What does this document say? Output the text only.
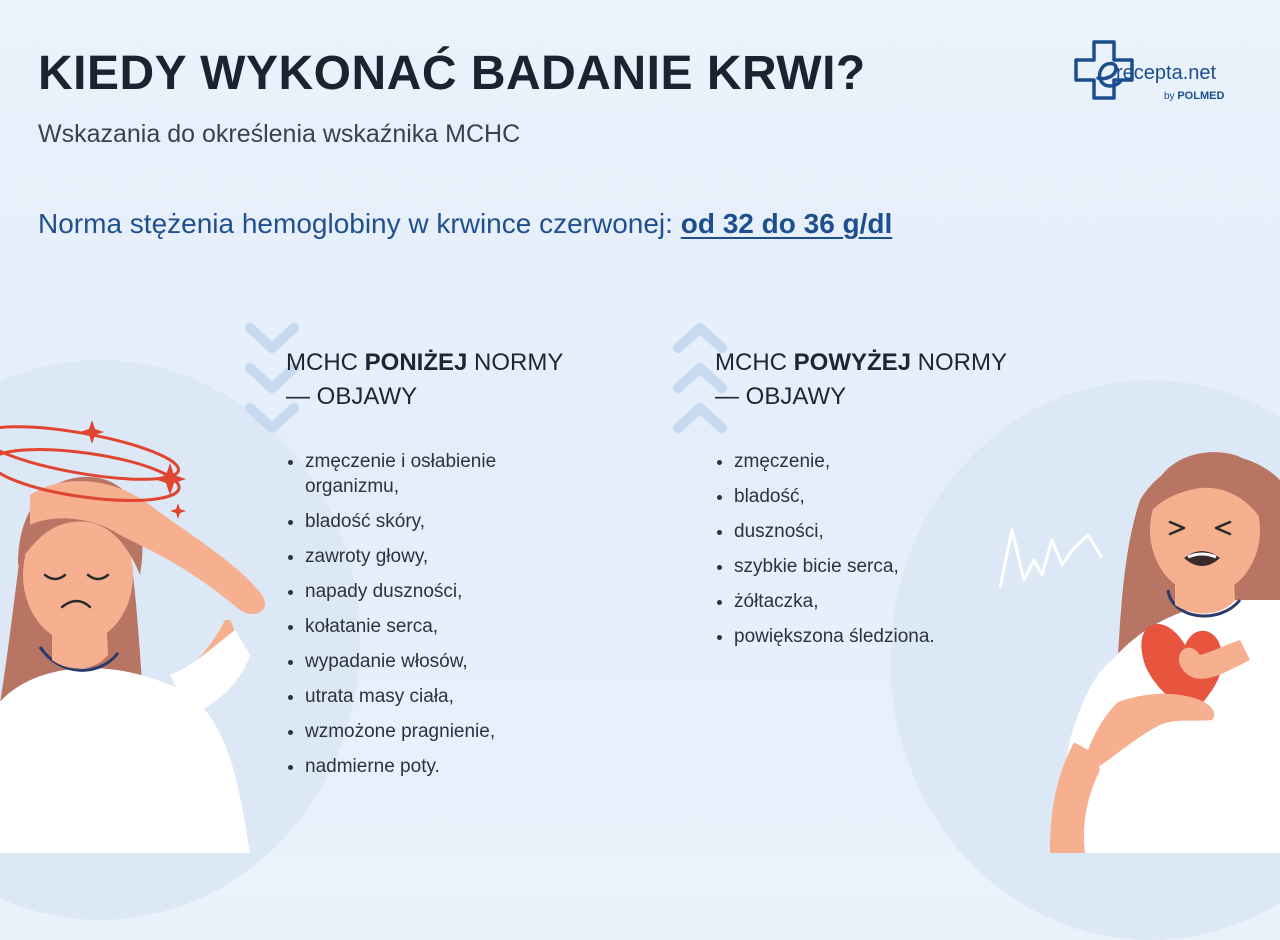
KIEDY WYKONAĆ BADANIE KRWI?

Wskazania do określenia wskaźnika MCHC

Norma stężenia hemoglobiny w krwince czerwonej: od 32 do 36 g/dl
recepta.net
by POLMED
MCHC PONIŻEJ NORMY
— OBJAWY
zmęczenie i osłabienie organizmu,
bladość skóry,
zawroty głowy,
napady duszności,
kołatanie serca,
wypadanie włosów,
utrata masy ciała,
wzmożone pragnienie,
nadmierne poty.
MCHC POWYŻEJ NORMY
— OBJAWY
zmęczenie,
bladość,
duszności,
szybkie bicie serca,
żółtaczka,
powiększona śledziona.
